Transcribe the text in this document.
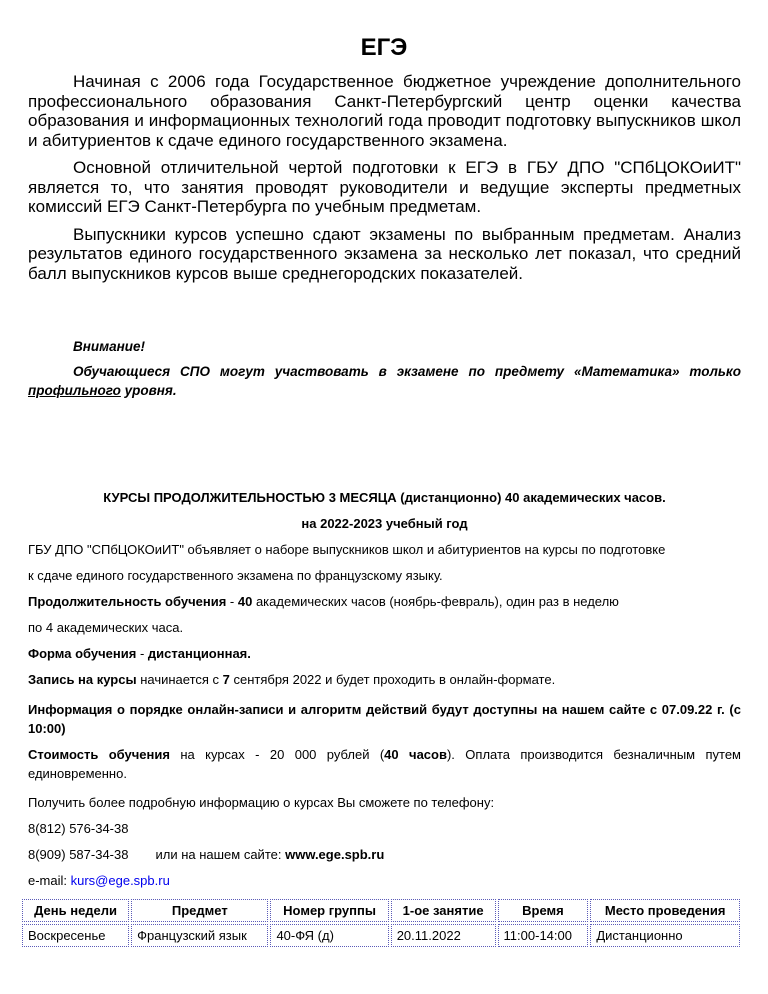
ЕГЭ

Начиная с 2006 года Государственное бюджетное учреждение дополнительного профессионального образования Санкт-Петербургский центр оценки качества образования и информационных технологий года проводит подготовку выпускников школ и абитуриентов к сдаче единого государственного экзамена.

Основной отличительной чертой подготовки к ЕГЭ в ГБУ ДПО "СПбЦОКОиИТ" является то, что занятия проводят руководители и ведущие эксперты предметных комиссий ЕГЭ Санкт-Петербурга по учебным предметам.

Выпускники курсов успешно сдают экзамены по выбранным предметам. Анализ результатов единого государственного экзамена за несколько лет показал, что средний балл выпускников курсов выше среднегородских показателей.

Внимание!

Обучающиеся СПО могут участвовать в экзамене по предмету «Математика» только профильного уровня.

КУРСЫ ПРОДОЛЖИТЕЛЬНОСТЬЮ 3 МЕСЯЦА (дистанционно) 40 академических часов.

на 2022-2023 учебный год

ГБУ ДПО "СПбЦОКОиИТ" объявляет о наборе выпускников школ и абитуриентов на курсы по подготовке

к сдаче единого государственного экзамена по французскому языку.

Продолжительность обучения - 40 академических часов (ноябрь-февраль), один раз в неделю

по 4 академических часа.

Форма обучения - дистанционная.

Запись на курсы начинается с 7 сентября 2022 и будет проходить в онлайн-формате.

Информация о порядке онлайн-записи и алгоритм действий будут доступны на нашем сайте с 07.09.22 г. (с 10:00)

Стоимость обучения на курсах - 20 000 рублей (40 часов). Оплата производится безналичным путем единовременно.

Получить более подробную информацию о курсах Вы сможете по телефону:

8(812) 576-34-38

8(909) 587-34-38 или на нашем сайте: www.ege.spb.ru

e-mail: kurs@ege.spb.ru

День недели	Предмет	Номер группы	1-ое занятие	Время	Место проведения
Воскресенье	Французский язык	40-ФЯ (д)	20.11.2022	11:00-14:00	Дистанционно
